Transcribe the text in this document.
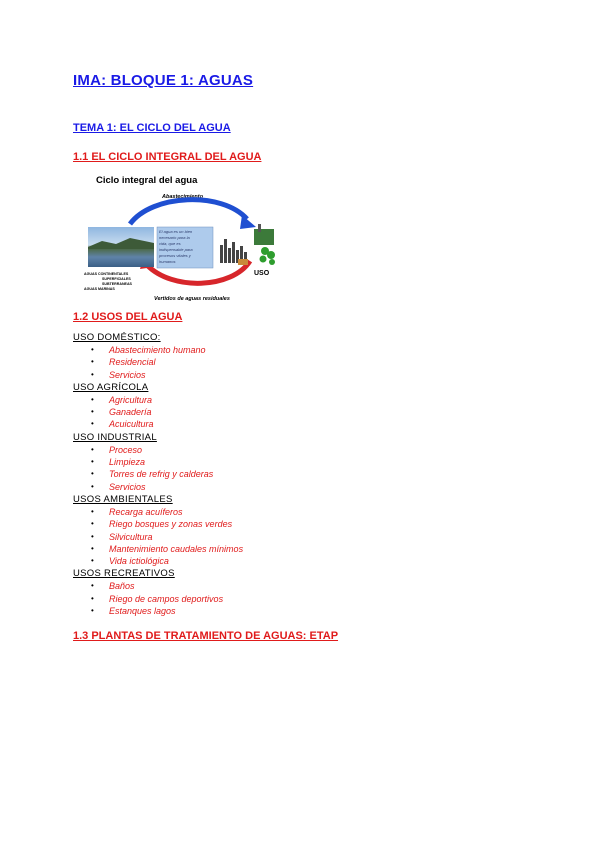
IMA: BLOQUE 1: AGUAS
TEMA 1: EL CICLO DEL AGUA
1.1 EL CICLO INTEGRAL DEL AGUA
Ciclo integral del agua
Abastecimiento
El agua es un bien
necesario para la
vida, que es
indispensable para
procesos vitales y
humanos
USO
AGUAS CONTINENTALES
SUPERFICIALES
SUBTERRANEAS
AGUAS MARINAS
Vertidos de aguas residuales
1.2 USOS DEL AGUA
USO DOMÉSTICO:
• Abastecimiento humano
• Residencial
• Servicios
USO AGRÍCOLA
• Agricultura
• Ganadería
• Acuicultura
USO INDUSTRIAL
• Proceso
• Limpieza
• Torres de refrig y calderas
• Servicios
USOS AMBIENTALES
• Recarga acuíferos
• Riego bosques y zonas verdes
• Silvicultura
• Mantenimiento caudales mínimos
• Vida ictiológica
USOS RECREATIVOS
• Baños
• Riego de campos deportivos
• Estanques lagos
1.3 PLANTAS DE TRATAMIENTO DE AGUAS: ETAP
